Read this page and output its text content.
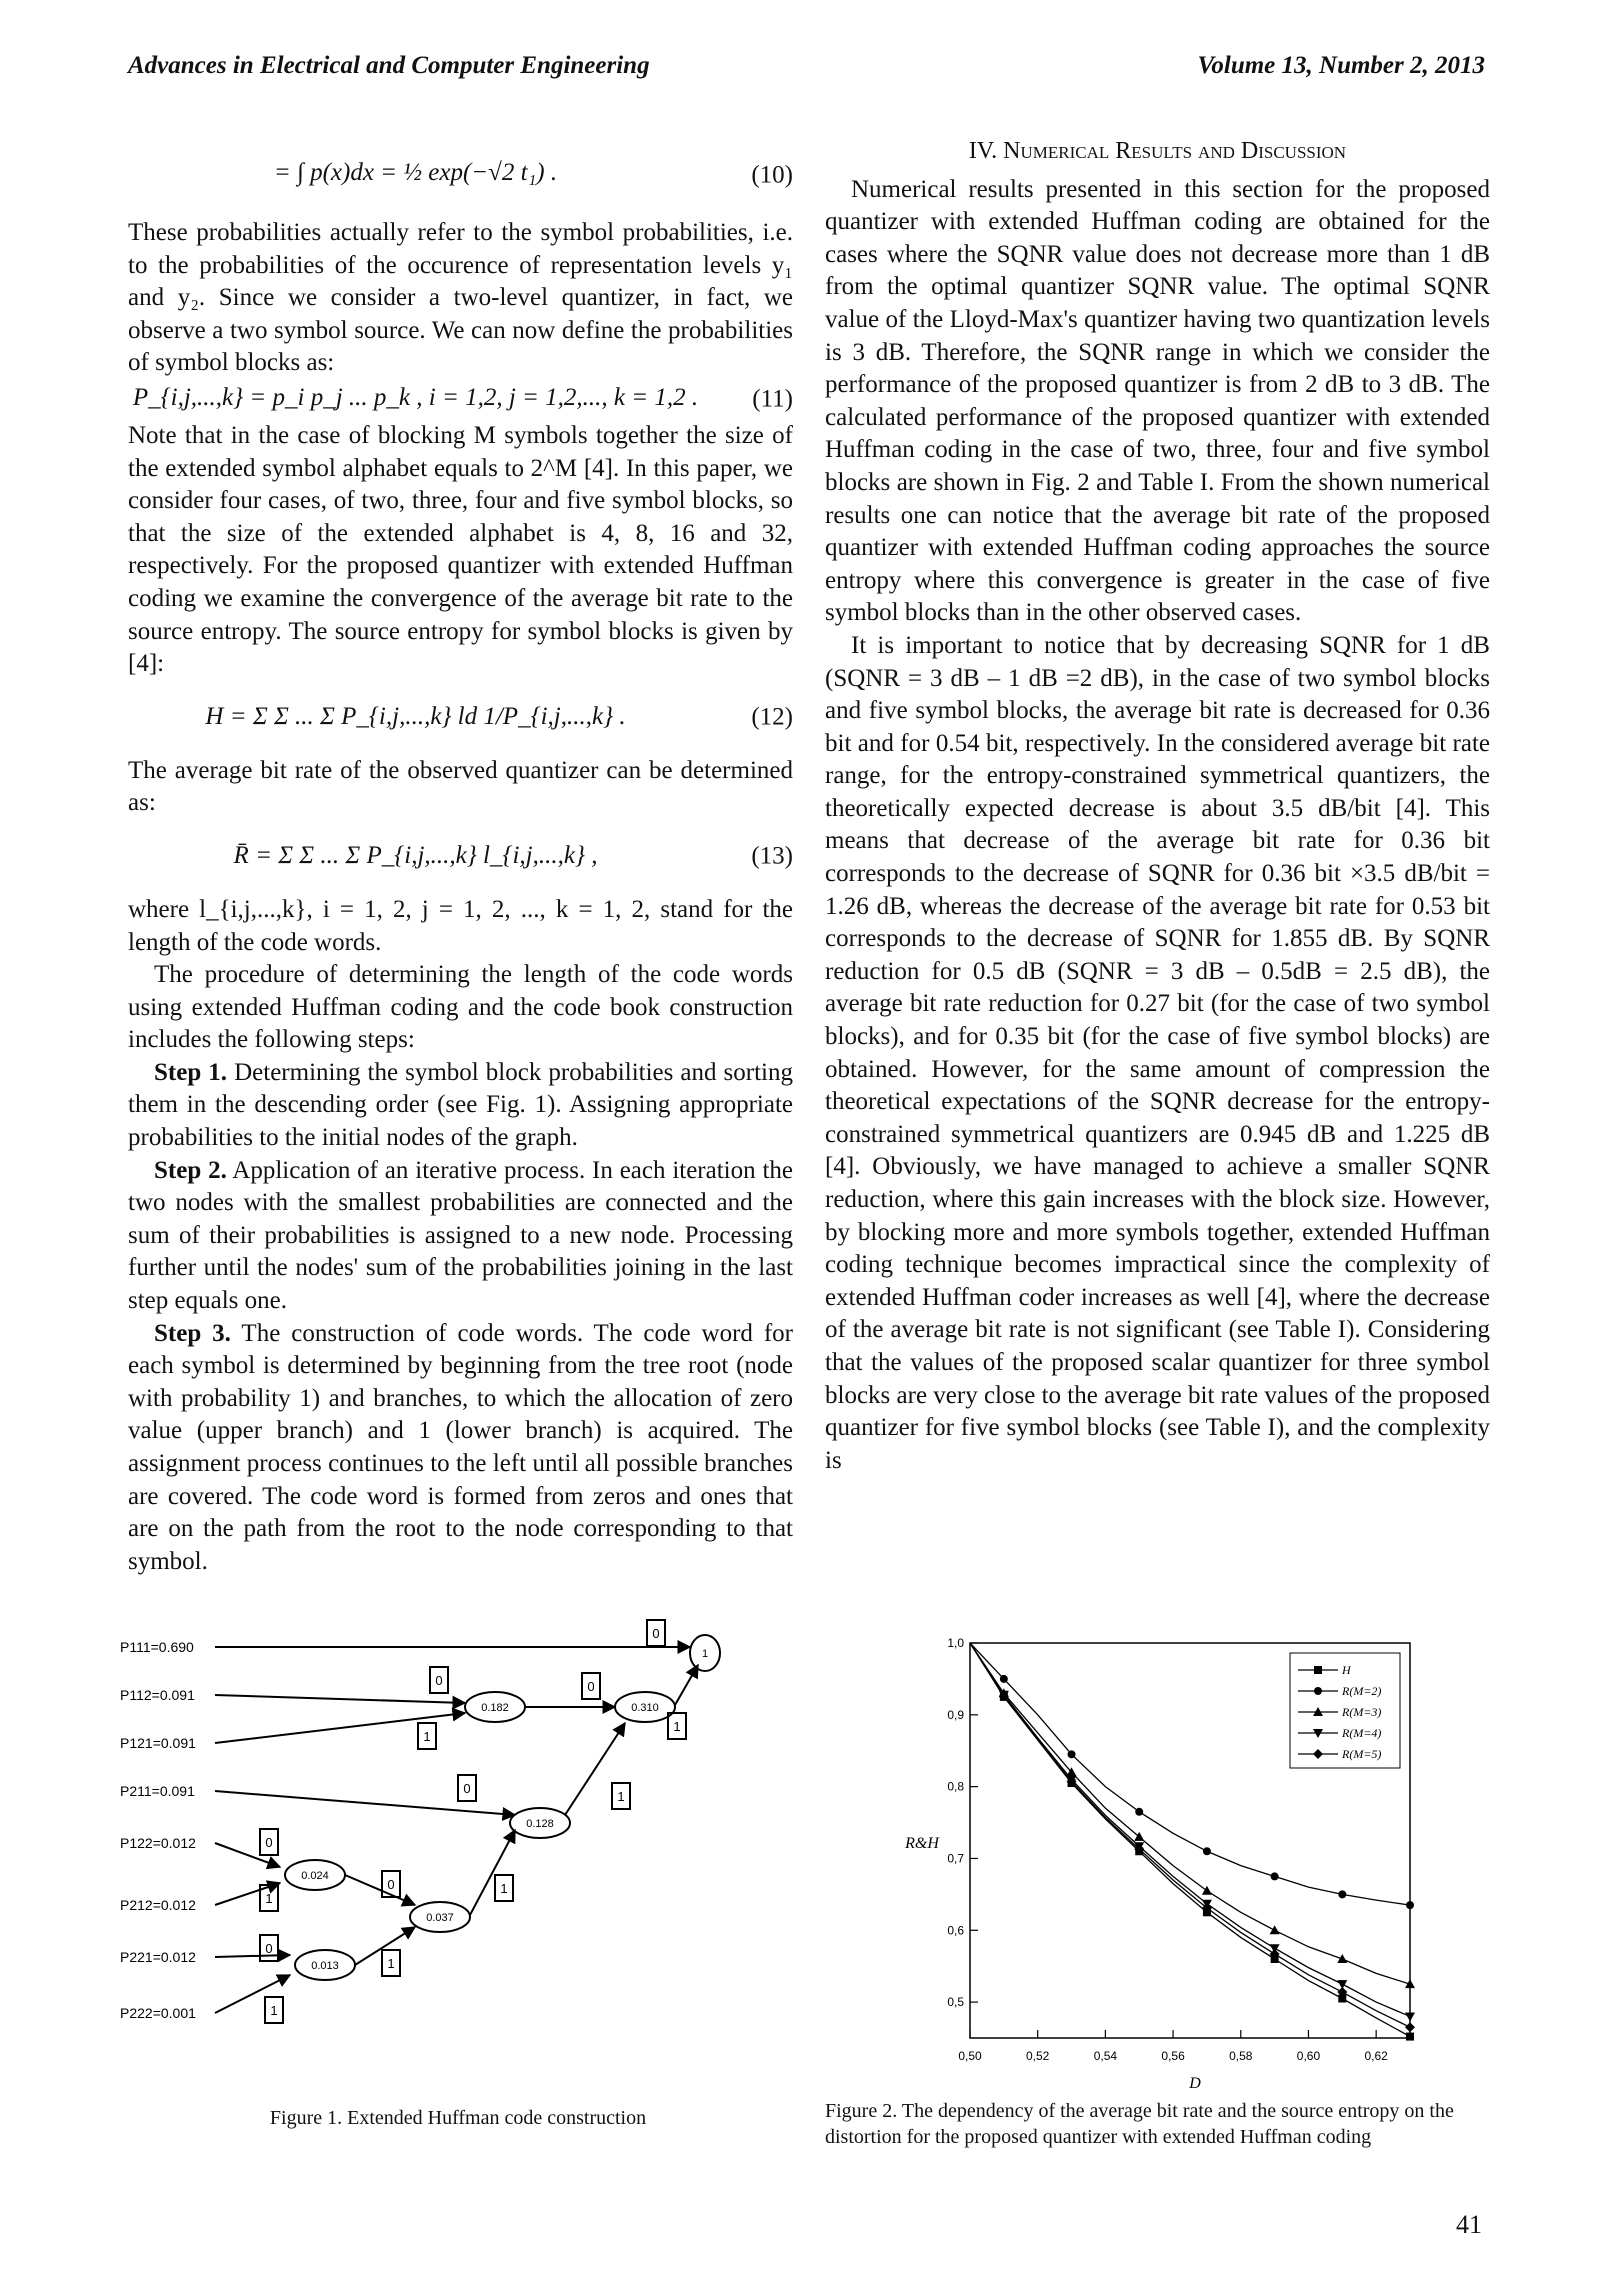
Advances in Electrical and Computer Engineering	Volume 13, Number 2, 2013
= ∫ p(x)dx = ½ exp(−√2 t₁) .	(10)

These probabilities actually refer to the symbol probabilities, i.e. to the probabilities of the occurence of representation levels y₁ and y₂. Since we consider a two-level quantizer, in fact, we observe a two symbol source. We can now define the probabilities of symbol blocks as:

P_{i,j,...,k} = p_i p_j ... p_k , i = 1,2, j = 1,2,..., k = 1,2 . (11)

Note that in the case of blocking M symbols together the size of the extended symbol alphabet equals to 2^M [4]. In this paper, we consider four cases, of two, three, four and five symbol blocks, so that the size of the extended alphabet is 4, 8, 16 and 32, respectively. For the proposed quantizer with extended Huffman coding we examine the convergence of the average bit rate to the source entropy. The source entropy for symbol blocks is given by [4]:

H = Σ Σ ... Σ P_{i,j,...,k} ld 1/P_{i,j,...,k} .	(12)

The average bit rate of the observed quantizer can be determined as:

R̄ = Σ Σ ... Σ P_{i,j,...,k} l_{i,j,...,k} ,	(13)

where l_{i,j,...,k}, i = 1, 2, j = 1, 2, ..., k = 1, 2, stand for the length of the code words.

The procedure of determining the length of the code words using extended Huffman coding and the code book construction includes the following steps:

Step 1. Determining the symbol block probabilities and sorting them in the descending order (see Fig. 1). Assigning appropriate probabilities to the initial nodes of the graph.

Step 2. Application of an iterative process. In each iteration the two nodes with the smallest probabilities are connected and the sum of their probabilities is assigned to a new node. Processing further until the nodes' sum of the probabilities joining in the last step equals one.

Step 3. The construction of code words. The code word for each symbol is determined by beginning from the tree root (node with probability 1) and branches, to which the allocation of zero value (upper branch) and 1 (lower branch) is acquired. The assignment process continues to the left until all possible branches are covered. The code word is formed from zeros and ones that are on the path from the root to the node corresponding to that symbol.

IV. Numerical Results and Discussion

Numerical results presented in this section for the proposed quantizer with extended Huffman coding are obtained for the cases where the SQNR value does not decrease more than 1 dB from the optimal quantizer SQNR value. The optimal SQNR value of the Lloyd-Max's quantizer having two quantization levels is 3 dB. Therefore, the SQNR range in which we consider the performance of the proposed quantizer is from 2 dB to 3 dB. The calculated performance of the proposed quantizer with extended Huffman coding in the case of two, three, four and five symbol blocks are shown in Fig. 2 and Table I. From the shown numerical results one can notice that the average bit rate of the proposed quantizer with extended Huffman coding approaches the source entropy where this convergence is greater in the case of five symbol blocks than in the other observed cases.

It is important to notice that by decreasing SQNR for 1 dB (SQNR = 3 dB – 1 dB =2 dB), in the case of two symbol blocks and five symbol blocks, the average bit rate is decreased for 0.36 bit and for 0.54 bit, respectively. In the considered average bit rate range, for the entropy-constrained symmetrical quantizers, the theoretically expected decrease is about 3.5 dB/bit [4]. This means that decrease of the average bit rate for 0.36 bit corresponds to the decrease of SQNR for 0.36 bit ×3.5 dB/bit = 1.26 dB, whereas the decrease of the average bit rate for 0.53 bit corresponds to the decrease of SQNR for 1.855 dB. By SQNR reduction for 0.5 dB (SQNR = 3 dB – 0.5dB = 2.5 dB), the average bit rate reduction for 0.27 bit (for the case of two symbol blocks), and for 0.35 bit (for the case of five symbol blocks) are obtained. However, for the same amount of compression the theoretical expectations of the SQNR decrease for the entropy-constrained symmetrical quantizers are 0.945 dB and 1.225 dB [4]. Obviously, we have managed to achieve a smaller SQNR reduction, where this gain increases with the block size. However, by blocking more and more symbols together, extended Huffman coding technique becomes impractical since the complexity of extended Huffman coder increases as well [4], where the decrease of the average bit rate is not significant (see Table I). Considering that the values of the proposed scalar quantizer for three symbol blocks are very close to the average bit rate values of the proposed quantizer for five symbol blocks (see Table I), and the complexity is

P111=0.690
P112=0.091
P121=0.091
P211=0.091
P122=0.012
P212=0.012
P221=0.012
P222=0.001
1
0.310
0.182
0.128
0.037
0.024
0.013
0
0
1
0
1
0
1
0
1
0	1
0
1
1
Figure 1. Extended Huffman code construction
0,50	0,52	0,54	0,56	0,58	0,60	0,62
0,5
0,6
0,7
0,8
0,9
1,0
H
R(M=2)
R(M=3)
R(M=4)
R(M=5)
D
R&H
Figure 2. The dependency of the average bit rate and the source entropy on the distortion for the proposed quantizer with extended Huffman coding
41
